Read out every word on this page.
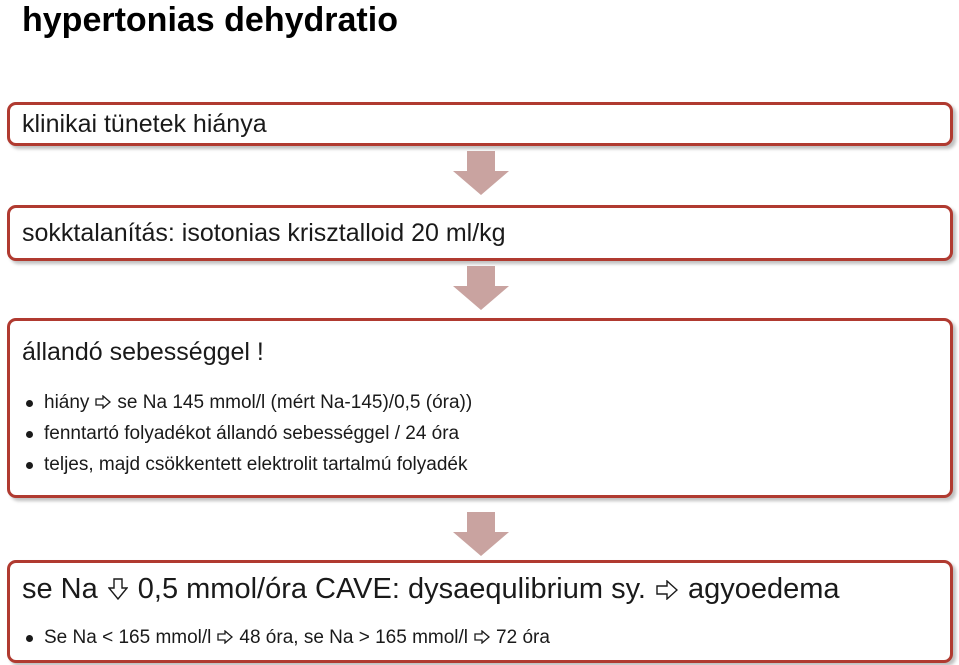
hypertonias dehydratio
klinikai tünetek hiánya
sokktalanítás: isotonias krisztalloid 20 ml/kg
állandó sebességgel !
hiány se Na 145 mmol/l (mért Na-145)/0,5 (óra))
fenntartó folyadékot állandó sebességgel / 24 óra
teljes, majd csökkentett elektrolit tartalmú folyadék
se Na 0,5 mmol/óra CAVE: dysaequlibrium sy. agyoedema
Se Na < 165 mmol/l 48 óra, se Na > 165 mmol/l 72 óra
